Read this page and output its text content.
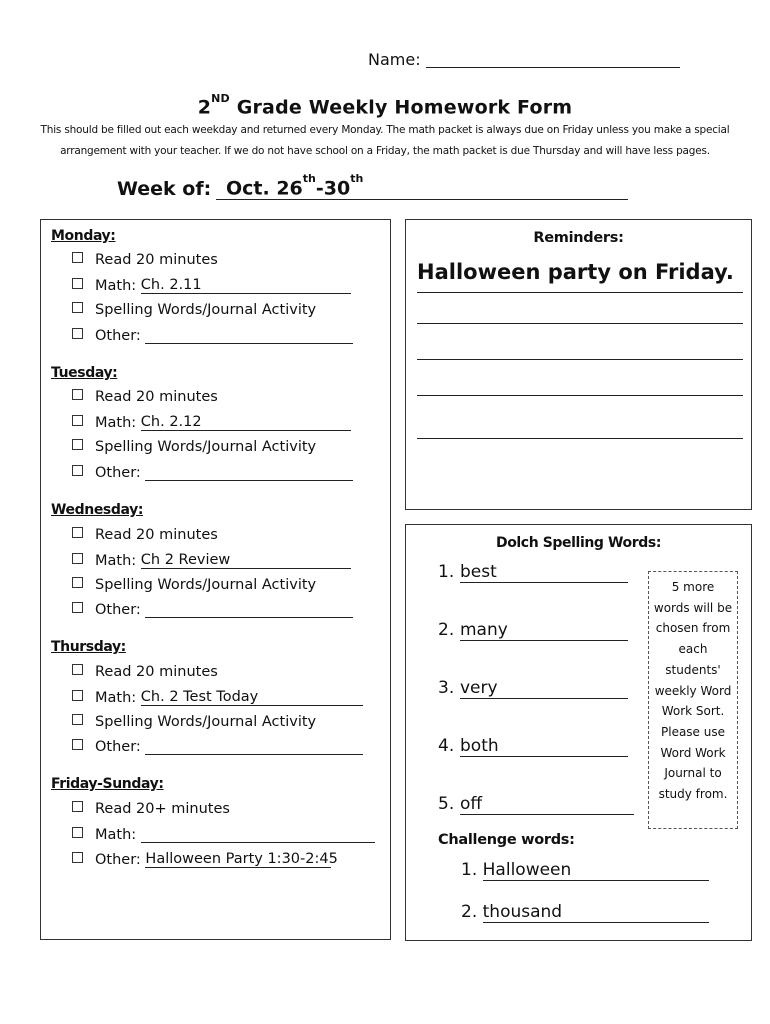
Name:
2ND Grade Weekly Homework Form
This should be filled out each weekday and returned every Monday. The math packet is always due on Friday unless you make a special
arrangement with your teacher. If we do not have school on a Friday, the math packet is due Thursday and will have less pages.
Week of: Oct. 26th-30th
Monday:
Read 20 minutes
Math: Ch. 2.11
Spelling Words/Journal Activity
Other:
Tuesday:
Read 20 minutes
Math: Ch. 2.12
Spelling Words/Journal Activity
Other:
Wednesday:
Read 20 minutes
Math: Ch 2 Review
Spelling Words/Journal Activity
Other:
Thursday:
Read 20 minutes
Math: Ch. 2 Test Today
Spelling Words/Journal Activity
Other:
Friday-Sunday:
Read 20+ minutes
Math:
Other: Halloween Party 1:30-2:45
Reminders:
Halloween party on Friday.
Dolch Spelling Words:
1. best
2. many
3. very
4. both
5. off
5 more words will be chosen from each students' weekly Word Work Sort. Please use Word Work Journal to study from.
Challenge words:
1. Halloween
2. thousand
